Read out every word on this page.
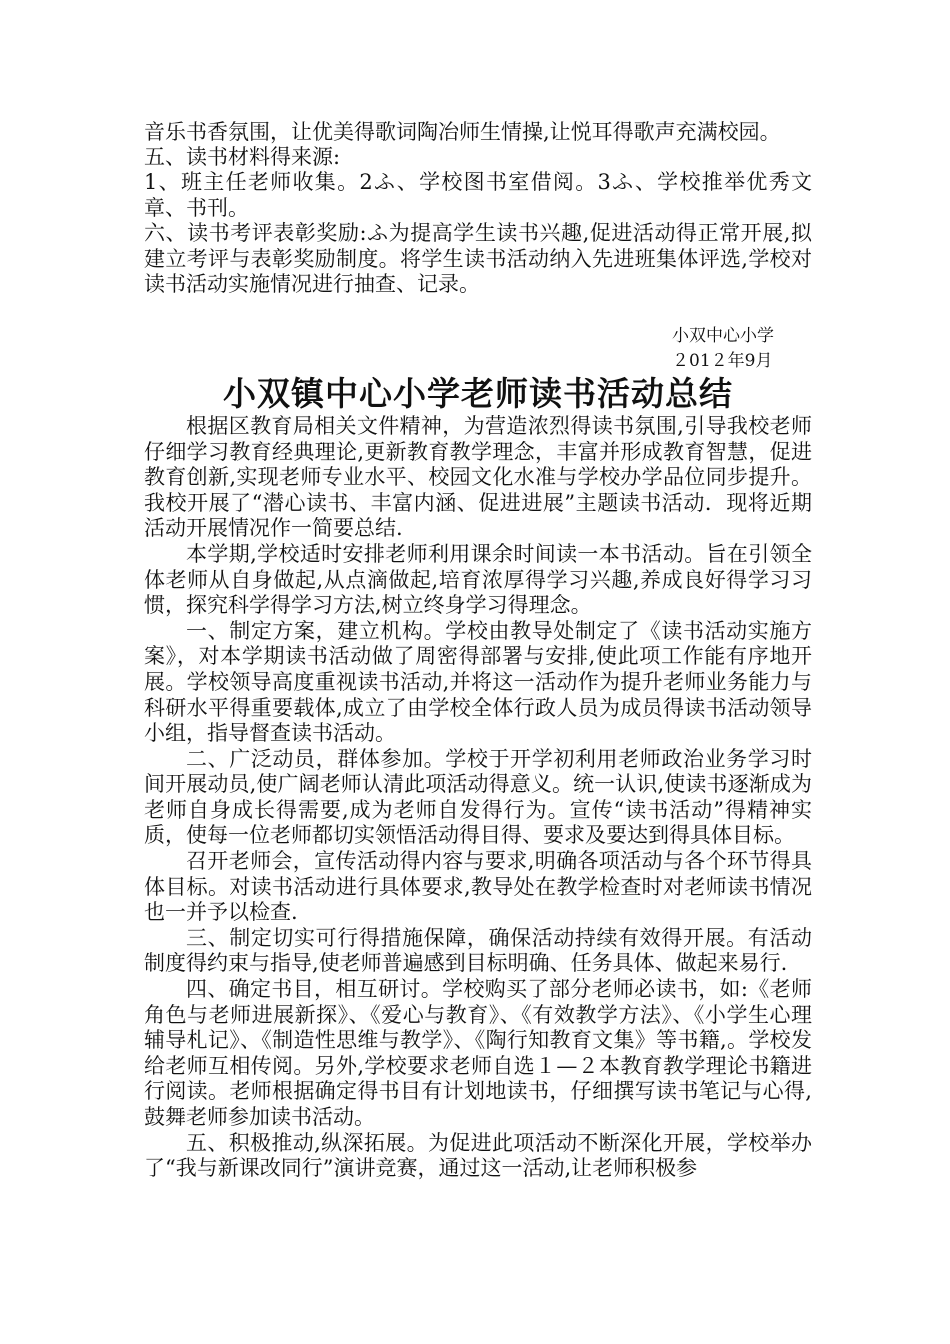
音乐书香氛围，让优美得歌词陶冶师生情操,让悦耳得歌声充满校园。

五、读书材料得来源:

1、班主任老师收集。2ふ、学校图书室借阅。3ふ、学校推举优秀文章、书刊。

六、读书考评表彰奖励:ふ为提高学生读书兴趣,促进活动得正常开展,拟建立考评与表彰奖励制度。将学生读书活动纳入先进班集体评选,学校对读书活动实施情况进行抽查、记录。

小双中心小学

２01２年9月

小双镇中心小学老师读书活动总结

根据区教育局相关文件精神，为营造浓烈得读书氛围,引导我校老师仔细学习教育经典理论,更新教育教学理念，丰富并形成教育智慧，促进教育创新,实现老师专业水平、校园文化水准与学校办学品位同步提升。我校开展了“潜心读书、丰富内涵、促进进展”主题读书活动．现将近期活动开展情况作一简要总结.

本学期,学校适时安排老师利用课余时间读一本书活动。旨在引领全体老师从自身做起,从点滴做起,培育浓厚得学习兴趣,养成良好得学习习惯，探究科学得学习方法,树立终身学习得理念。

一、制定方案，建立机构。学校由教导处制定了《读书活动实施方案》，对本学期读书活动做了周密得部署与安排,使此项工作能有序地开展。学校领导高度重视读书活动,并将这一活动作为提升老师业务能力与科研水平得重要载体,成立了由学校全体行政人员为成员得读书活动领导小组，指导督查读书活动。

二、广泛动员，群体参加。学校于开学初利用老师政治业务学习时间开展动员,使广阔老师认清此项活动得意义。统一认识,使读书逐渐成为老师自身成长得需要,成为老师自发得行为。宣传“读书活动”得精神实质，使每一位老师都切实领悟活动得目得、要求及要达到得具体目标。

召开老师会，宣传活动得内容与要求,明确各项活动与各个环节得具体目标。对读书活动进行具体要求,教导处在教学检查时对老师读书情况也一并予以检查.

三、制定切实可行得措施保障，确保活动持续有效得开展。有活动制度得约束与指导,使老师普遍感到目标明确、任务具体、做起来易行.

四、确定书目，相互研讨。学校购买了部分老师必读书，如:《老师角色与老师进展新探》、《爱心与教育》、《有效教学方法》、《小学生心理辅导札记》、《制造性思维与教学》、《陶行知教育文集》等书籍,。学校发给老师互相传阅。另外,学校要求老师自选１—２本教育教学理论书籍进行阅读。老师根据确定得书目有计划地读书，仔细撰写读书笔记与心得,鼓舞老师参加读书活动。

五、积极推动,纵深拓展。为促进此项活动不断深化开展，学校举办了“我与新课改同行”演讲竞赛，通过这一活动,让老师积极参
